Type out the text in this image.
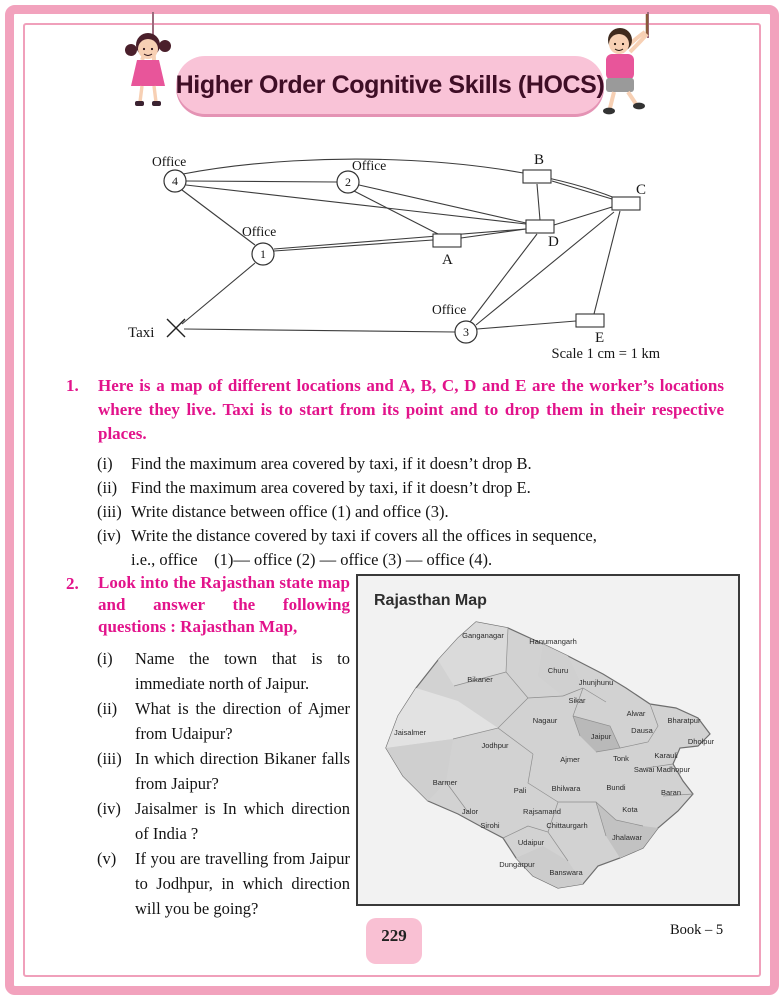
Higher Order Cognitive Skills (HOCS)
4
Office
2
Office
1
Office
3
Office
A
B
C
D
E
Taxi
Scale 1 cm = 1 km
1.	Here is a map of different locations and A, B, C, D and E are the worker’s locations where they live. Taxi is to start from its point and to drop them in their respective places.
(i)	Find the maximum area covered by taxi, if it doesn’t drop B.
(ii) Find the maximum area covered by taxi, if it doesn’t drop E.
(iii) Write distance between office (1) and office (3).
(iv) Write the distance covered by taxi if covers all the offices in sequence,
i.e., office    (1)— office (2) — office (3) — office (4).
2.	Look into the Rajasthan state map and answer the following questions : Rajasthan Map,
(i)	Name the town that is to immediate north of Jaipur.
(ii)	What is the direction of Ajmer from Udaipur?
(iii) In which direction Bikaner falls from Jaipur?
(iv) Jaisalmer is In which direction of India ?
(v)	If you are travelling from Jaipur to Jodhpur, in which direction will you be going?
Rajasthan Map
Ganganagar
Hanumangarh
Bikaner
Churu
Jhunjhunu
Sikar
Alwar
Bharatpur
Jaisalmer
Nagaur
Jaipur
Dausa
Dholpur
Jodhpur
Ajmer	Tonk	Karauli
Sawai Madhopur
Barmer
Pali	Bhilwara	Bundi
Baran
Jalor
Sirohi
Rajsamand	Kota
Chittaurgarh
Jhalawar
Udaipur
Dungarpur
Banswara
229	Book – 5
